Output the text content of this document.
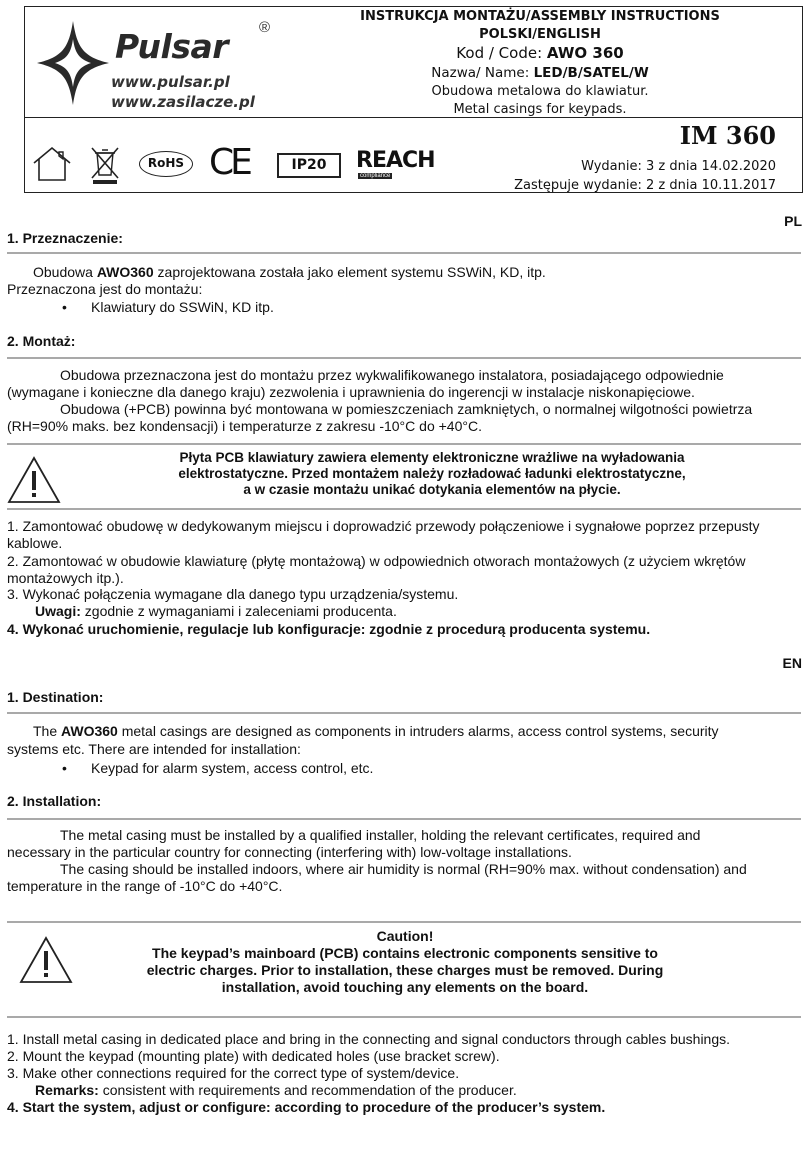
Pulsar ®
www.pulsar.pl
www.zasilacze.pl
INSTRUKCJA MONTAŻU/ASSEMBLY INSTRUCTIONS
POLSKI/ENGLISH
Kod / Code: AWO 360
Nazwa/ Name: LED/B/SATEL/W
Obudowa metalowa do klawiatur.
Metal casings for keypads.
RoHS CE	IP20	REACH
compliance
IM 360
Wydanie: 3 z dnia 14.02.2020
Zastępuje wydanie: 2 z dnia 10.11.2017
PL
1. Przeznaczenie:
Obudowa AWO360 zaprojektowana została jako element systemu SSWiN, KD, itp.
Przeznaczona jest do montażu:
• Klawiatury do SSWiN, KD itp.
2. Montaż:
Obudowa przeznaczona jest do montażu przez wykwalifikowanego instalatora, posiadającego odpowiednie
(wymagane i konieczne dla danego kraju) zezwolenia i uprawnienia do ingerencji w instalacje niskonapięciowe.
Obudowa (+PCB) powinna być montowana w pomieszczeniach zamkniętych, o normalnej wilgotności powietrza
(RH=90% maks. bez kondensacji) i temperaturze z zakresu -10°C do +40°C.
Płyta PCB klawiatury zawiera elementy elektroniczne wrażliwe na wyładowania
elektrostatyczne. Przed montażem należy rozładować ładunki elektrostatyczne,
a w czasie montażu unikać dotykania elementów na płycie.
1. Zamontować obudowę w dedykowanym miejscu i doprowadzić przewody połączeniowe i sygnałowe poprzez przepusty
kablowe.
2. Zamontować w obudowie klawiaturę (płytę montażową) w odpowiednich otworach montażowych (z użyciem wkrętów
montażowych itp.).
3. Wykonać połączenia wymagane dla danego typu urządzenia/systemu.
Uwagi: zgodnie z wymaganiami i zaleceniami producenta.
4. Wykonać uruchomienie, regulacje lub konfiguracje: zgodnie z procedurą producenta systemu.
EN
1. Destination:
The AWO360 metal casings are designed as components in intruders alarms, access control systems, security
systems etc. There are intended for installation:
• Keypad for alarm system, access control, etc.
2. Installation:
The metal casing must be installed by a qualified installer, holding the relevant certificates, required and
necessary in the particular country for connecting (interfering with) low-voltage installations.
The casing should be installed indoors, where air humidity is normal (RH=90% max. without condensation) and
temperature in the range of -10°C do +40°C.
Caution!
The keypad’s mainboard (PCB) contains electronic components sensitive to
electric charges. Prior to installation, these charges must be removed. During
installation, avoid touching any elements on the board.
1. Install metal casing in dedicated place and bring in the connecting and signal conductors through cables bushings.
2. Mount the keypad (mounting plate) with dedicated holes (use bracket screw).
3. Make other connections required for the correct type of system/device.
Remarks: consistent with requirements and recommendation of the producer.
4. Start the system, adjust or configure: according to procedure of the producer’s system.
